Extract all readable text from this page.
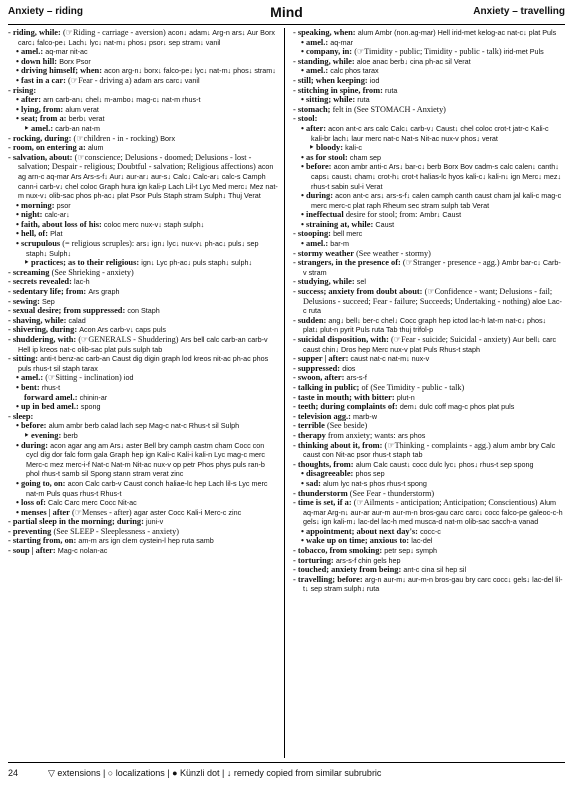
Anxiety – riding	Mind	Anxiety – travelling

- riding, while: (☞Riding - carriage - aversion) acon↓ adam↓ Arg-n ars↓ Aur Borx carc↓ falco-pe↓ Lach↓ lyc↓ nat-m↓ phos↓ psor↓ sep stram↓ vanil

• amel.: aq-mar nit-ac

• down hill: Borx Psor

• driving himself; when: acon arg-n↓ borx↓ falco-pe↓ lyc↓ nat-m↓ phos↓ stram↓

• fast in a car: (☞Fear - driving a) adam ars carc↓ vanil

- rising:

• after: arn carb-an↓ chel↓ m-ambo↓ mag-c↓ nat-m rhus-t

• lying, from: alum verat

• seat; from a: berb↓ verat

‣ amel.: carb-an nat-m

- rocking, during: (☞children - in - rocking) Borx

- room, on entering a: alum

- salvation, about: (☞conscience; Delusions - doomed; Delusions - lost - salvation; Despair - religious; Doubtful - salvation; Religious affections) acon ag arn-c aq-mar Ars Ars-s-f↓ Aur↓ aur-ar↓ aur-s↓ Calc↓ Calc-ar↓ calc-s Camph cann-i carb-v↓ chel coloc Graph hura ign kali-p Lach Lil-t Lyc Med merc↓ Mez nat-m nux-v↓ olib-sac phos ph-ac↓ plat Psor Puls Staph stram Sulph↓ Thuj Verat

• morning: psor

• night: calc-ar↓

• faith, about loss of his: coloc merc nux-v↓ staph sulph↓

• hell, of: Plat

• scrupulous (= religious scruples): ars↓ ign↓ lyc↓ nux-v↓ ph-ac↓ puls↓ sep staph↓ Sulph↓

‣ practices; as to their religious: ign↓ Lyc ph-ac↓ puls staph↓ sulph↓

- screaming (See Shrieking - anxiety)

- secrets revealed: lac-h

- sedentary life; from: Ars graph

- sewing: Sep

- sexual desire; from suppressed: con Staph

- shaving, while: calad

- shivering, during: Acon Ars carb-v↓ caps puls

- shuddering, with: (☞GENERALS - Shuddering) Ars bell calc carb-an carb-v Hell ip kreos nat-c olib-sac plat puls sulph tab

- sitting: anti-t benz-ac carb-an Caust dig digin graph lod kreos nit-ac ph-ac phos puls rhus-t sil staph tarax

• amel.: (☞Sitting - inclination) iod

• bent: rhus-t

forward amel.: chinin-ar

• up in bed amel.: spong

- sleep:

• before: alum ambr berb calad lach sep Mag-c nat-c Rhus-t sil Sulph

‣ evening: berb

• during: acon agar ang am Ars↓ aster Bell bry camph castm cham Cocc con cycl dig dor falc form gala Graph hep ign Kali-c Kali-i kali-n Lyc mag-c merc Merc-c mez merc-i-f Nat-c Nat-m Nit-ac nux-v op petr Phos phys puls ran-b phol rhus-t samb sil Spong stann stram verat zinc

• going to, on: acon Calc carb-v Caust conch haliae-lc hep Lach lil-s Lyc merc nat-m Puls quas rhus-t Rhus-t

• loss of: Calc Carc merc Cocc Nit-ac

• menses | after (☞Menses - after) agar aster Cocc Kali-i Merc-c zinc

- partial sleep in the morning; during: juni-v

- preventing (See SLEEP - Sleeplessness - anxiety)

- starting from, on: am-m ars ign clem cystein-l hep ruta samb

- soup | after: Mag-c nolan-ac

- speaking, when: alum Ambr (non.ag-mar) Hell irid-met kelog-ac nat-c↓ plat Puls

• amel.: aq-mar

• company, in: (☞Timidity - public; Timidity - public - talk) irid-met Puls

- standing, while: aloe anac berb↓ cina ph-ac sil Verat

• amel.: calc phos tarax

- still; when keeping: iod

- stitching in spine, from: ruta

• sitting; while: ruta

- stomach; felt in (See STOMACH - Anxiety)

- stool:

• after: acon ant-c ars calc Calc↓ carb-v↓ Caust↓ chel coloc crot-t jatr-c Kali-c kali-br lach↓ laur merc nat-c Nat-s Nit-ac nux-v phos↓ verat

‣ bloody: kali-c

• as for stool: cham sep

• before: acon ambr anti-c Ars↓ bar-c↓ berb Borx Bov cadm-s calc calen↓ canth↓ caps↓ caust↓ cham↓ crot-h↓ crot-t halias-lc hyos kali-c↓ kali-n↓ ign Merc↓ mez↓ rhus-t sabin sul-i Verat

• during: acon ant-c ars↓ ars-s-f↓ calen camph canth caust cham jal kali-c mag-c merc merc-c plat raph Rheum sec stram sulph tab Verat

• ineffectual desire for stool; from: Ambr↓ Caust

• straining at, while: Caust

- stooping: bell merc

• amel.: bar-m

- stormy weather (See weather - stormy)

- strangers, in the presence of: (☞Stranger - presence - agg.) Ambr bar-c↓ Carb-v stram

- studying, while: sel

- success; anxiety from doubt about: (☞Confidence - want; Delusions - fail; Delusions - succeed; Fear - failure; Succeeds; Undertaking - nothing) aloe Lac-c ruta

- sudden: ang↓ bell↓ ber-c chel↓ Cocc graph hep ictod lac-h lat-m nat-c↓ phos↓ plat↓ plut-n pyrit Puls ruta Tab thuj trifol-p

- suicidal disposition, with: (☞Fear - suicide; Suicidal - anxiety) Aur bell↓ carc caust chin↓ Dros hep Merc nux-v plat Puls Rhus-t staph

- supper | after: caust nat-c nat-m↓ nux-v

- suppressed: dios

- swoon, after: ars-s-f

- talking in public; of (See Timidity - public - talk)

- taste in mouth; with bitter: plut-n

- teeth; during complaints of: dem↓ dulc coff mag-c phos plat puls

- television agg.: marb-w

- terrible (See beside)

- therapy from anxiety; wants: ars phos

- thinking about it, from: (☞Thinking - complaints - agg.) alum ambr bry Calc caust con Nit-ac psor rhus-t staph tab

- thoughts, from: alum Calc caust↓ cocc dulc lyc↓ phos↓ rhus-t sep spong

• disagreeable: phos sep

• sad: alum lyc nat-s phos rhus-t spong

- thunderstorm (See Fear - thunderstorm)

- time is set, if a: (☞Ailments - anticipation; Anticipation; Conscientious) Alum aq-mar Arg-n↓ aur-ar aur-m aur-m-n bros-gau carc carc↓ cocc falco-pe galeoc-c-h gels↓ ign kali-m↓ lac-del lac-h med musca-d nat-m olib-sac sacch-a vanad

• appointment; about next day's: cocc-c

• wake up on time; anxious to: lac-del

- tobacco, from smoking: petr sep↓ symph

- torturing: ars-s-f chin gels hep

- touched; anxiety from being: ant-c cina sil hep sil

- travelling; before: arg-n aur-m↓ aur-m-n bros-gau bry carc cocc↓ gels↓ lac-del lil-t↓ sep stram sulph↓ ruta

24	▽ extensions | ○ localizations | ● Künzli dot | ↓ remedy copied from similar subrubric
